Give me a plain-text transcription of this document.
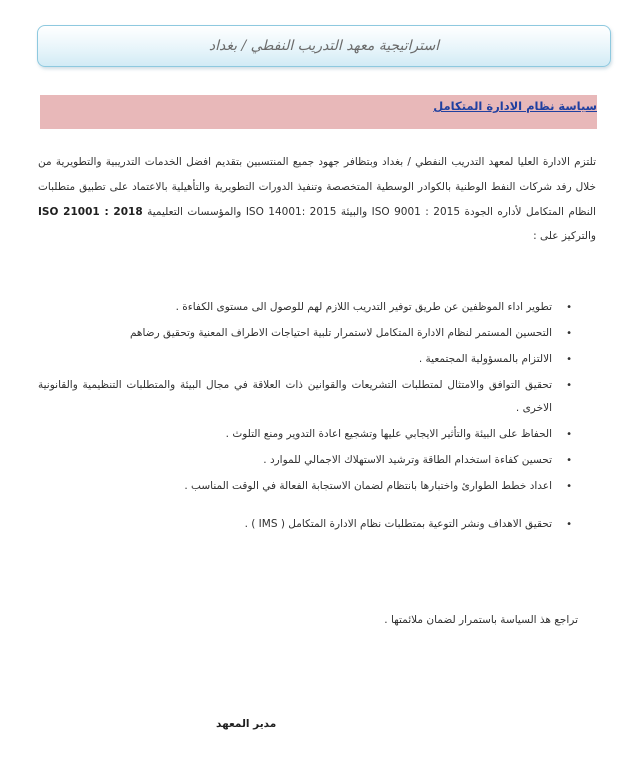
استراتيجية معهد التدريب النفطي / بغداد
سياسة نظام الادارة المتكامل
تلتزم الادارة العليا لمعهد التدريب النفطي / بغداد وبتظافر جهود جميع المنتسبين بتقديم افضل الخدمات التدريبية والتطويرية من خلال رفد شركات النفط الوطنية بالكوادر الوسطية المتخصصة وتنفيذ الدورات التطويرية والتأهيلية بالاعتماد على تطبيق متطلبات النظام المتكامل لأداره الجودة ISO 9001 : 2015 والبيئة ISO 14001: 2015 والمؤسسات التعليمية ISO 21001 : 2018 والتركيز على :
•
تطوير اداء الموظفين عن طريق توفير التدريب اللازم لهم للوصول الى مستوى الكفاءة .
•
التحسين المستمر لنظام الادارة المتكامل لاستمرار تلبية احتياجات الاطراف المعنية وتحقيق رضاهم
•
الالتزام بالمسؤولية المجتمعية .
•
تحقيق التوافق والامتثال لمتطلبات التشريعات والقوانين ذات العلاقة في مجال البيئة والمتطلبات التنظيمية والقانونية الاخرى .
•
الحفاظ على البيئة والتأثير الايجابي عليها وتشجيع اعادة التدوير ومنع التلوث .
•
تحسين كفاءة استخدام الطاقة وترشيد الاستهلاك الاجمالي للموارد .
•
اعداد خطط الطوارئ واختبارها بانتظام لضمان الاستجابة الفعالة في الوقت المناسب .
•
تحقيق الاهداف ونشر التوعية بمتطلبات نظام الادارة المتكامل ( IMS ) .
تراجع هذ السياسة باستمرار لضمان ملائمتها .
مدير المعهد
